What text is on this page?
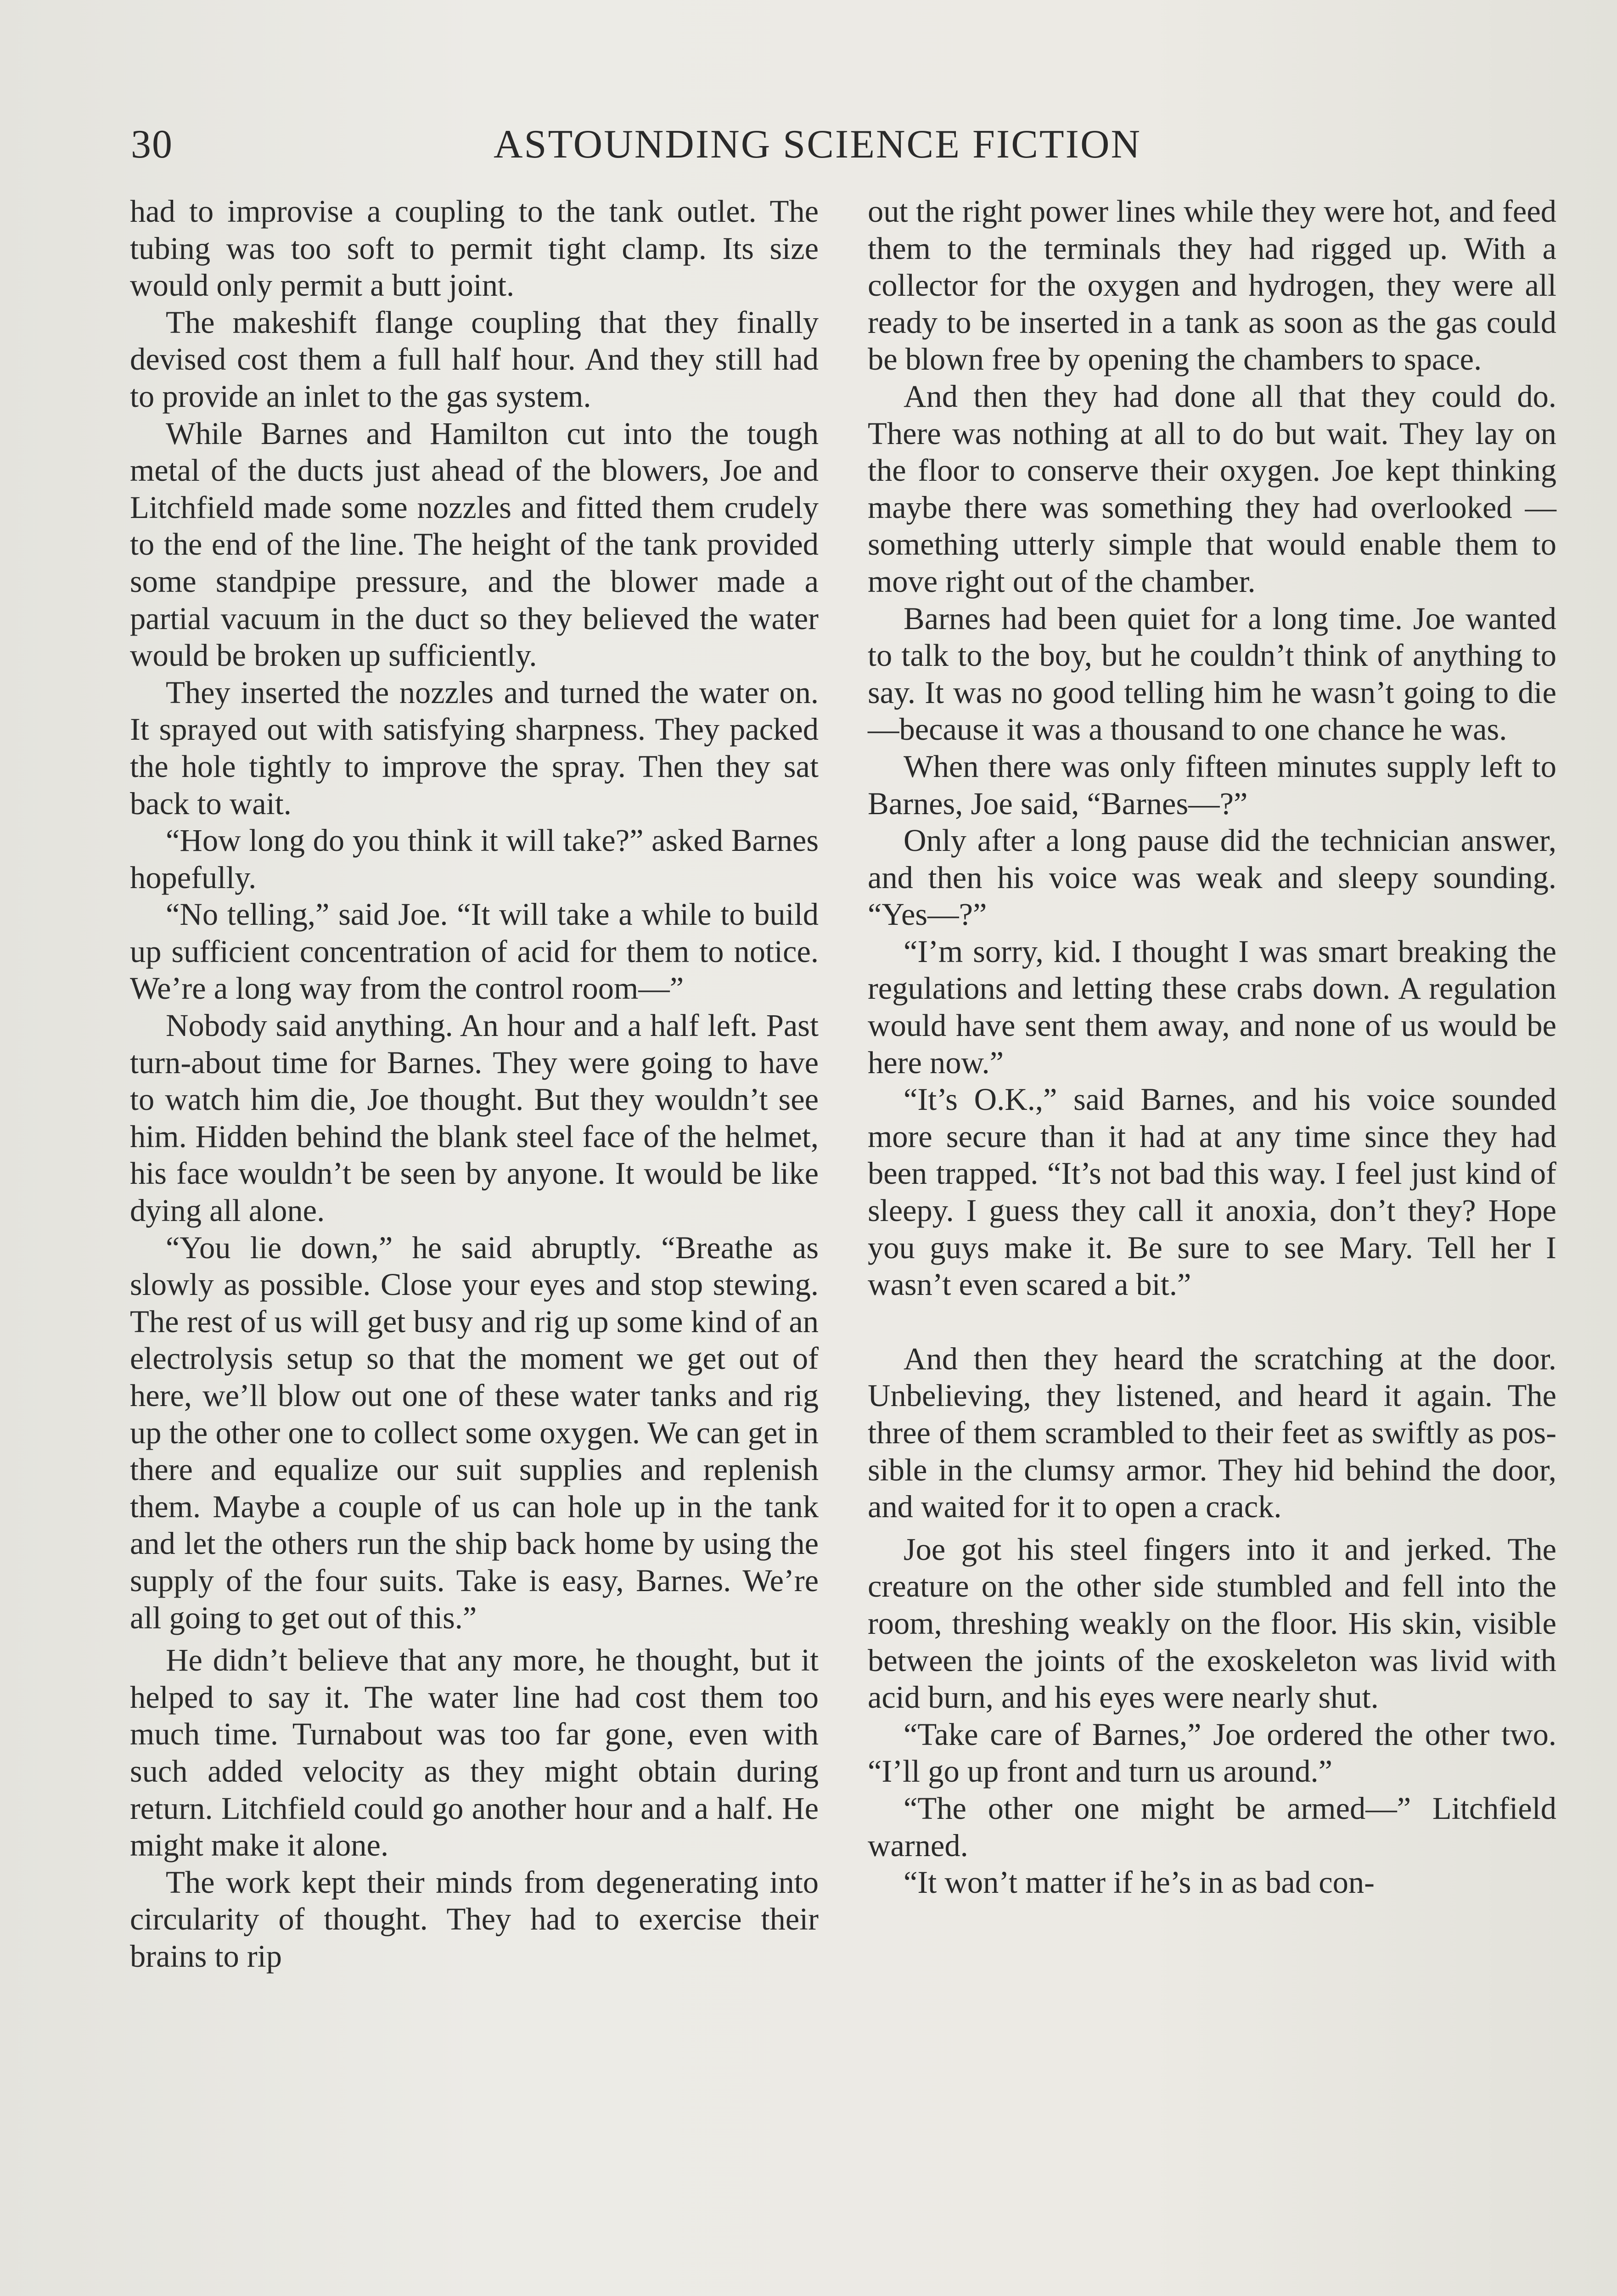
30	ASTOUNDING SCIENCE FICTION

had to improvise a coupling to the tank outlet. The tubing was too soft to permit tight clamp. Its size would only permit a butt joint.

The makeshift flange coupling that they finally devised cost them a full half hour. And they still had to provide an inlet to the gas system.

While Barnes and Hamilton cut into the tough metal of the ducts just ahead of the blowers, Joe and Litchfield made some nozzles and fitted them crudely to the end of the line. The height of the tank provided some standpipe pressure, and the blower made a partial vacuum in the duct so they believed the water would be broken up sufficiently.

They inserted the nozzles and turned the water on. It sprayed out with satisfying sharpness. They packed the hole tightly to improve the spray. Then they sat back to wait.

“How long do you think it will take?” asked Barnes hopefully.

“No telling,” said Joe. “It will take a while to build up sufficient concentration of acid for them to notice. We’re a long way from the control room—”

Nobody said anything. An hour and a half left. Past turn-about time for Barnes. They were going to have to watch him die, Joe thought. But they wouldn’t see him. Hidden behind the blank steel face of the helmet, his face wouldn’t be seen by anyone. It would be like dying all alone.

“You lie down,” he said abruptly. “Breathe as slowly as possible. Close your eyes and stop stewing. The rest of us will get busy and rig up some kind of an electrolysis setup so that the moment we get out of here, we’ll blow out one of these water tanks and rig up the other one to collect some oxygen. We can get in there and equalize our suit supplies and replenish them. Maybe a couple of us can hole up in the tank and let the others run the ship back home by using the supply of the four suits. Take is easy, Barnes. We’re all going to get out of this.”

He didn’t believe that any more, he thought, but it helped to say it. The water line had cost them too much time. Turnabout was too far gone, even with such added velocity as they might obtain during return. Litchfield could go another hour and a half. He might make it alone.

The work kept their minds from degenerating into circularity of thought. They had to exercise their brains to rip

out the right power lines while they were hot, and feed them to the terminals they had rigged up. With a collector for the oxygen and hydrogen, they were all ready to be inserted in a tank as soon as the gas could be blown free by opening the chambers to space.

And then they had done all that they could do. There was nothing at all to do but wait. They lay on the floor to conserve their oxygen. Joe kept thinking maybe there was something they had overlooked —something utterly simple that would enable them to move right out of the chamber.

Barnes had been quiet for a long time. Joe wanted to talk to the boy, but he couldn’t think of anything to say. It was no good telling him he wasn’t going to die—because it was a thousand to one chance he was.

When there was only fifteen minutes supply left to Barnes, Joe said, “Barnes—?”

Only after a long pause did the technician answer, and then his voice was weak and sleepy sounding. “Yes—?”

“I’m sorry, kid. I thought I was smart breaking the regulations and letting these crabs down. A regulation would have sent them away, and none of us would be here now.”

“It’s O.K.,” said Barnes, and his voice sounded more secure than it had at any time since they had been trapped. “It’s not bad this way. I feel just kind of sleepy. I guess they call it anoxia, don’t they? Hope you guys make it. Be sure to see Mary. Tell her I wasn’t even scared a bit.”

And then they heard the scratching at the door. Unbelieving, they listened, and heard it again. The three of them scrambled to their feet as swiftly as possible in the clumsy armor. They hid behind the door, and waited for it to open a crack.

Joe got his steel fingers into it and jerked. The creature on the other side stumbled and fell into the room, threshing weakly on the floor. His skin, visible between the joints of the exoskeleton was livid with acid burn, and his eyes were nearly shut.

“Take care of Barnes,” Joe ordered the other two. “I’ll go up front and turn us around.”

“The other one might be armed—” Litchfield warned.

“It won’t matter if he’s in as bad con-
